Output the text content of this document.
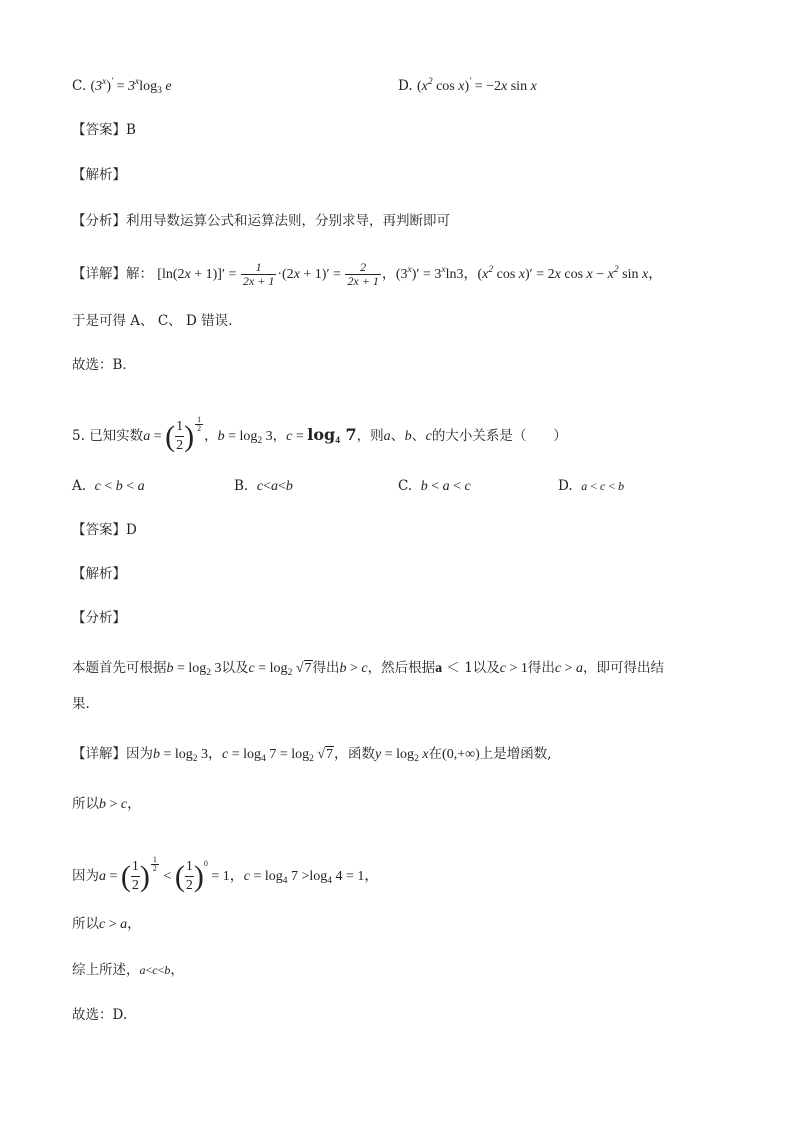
C. $(3^x)' = 3^x\log_3$ e	D. ($x^2$ cos x)′ = −2x sin x
【答案】B
【解析】
【分析】利用导数运算公式和运算法则，分别求导，再判断即可
【详解】解： $[\ln(2x + 1)]' = \frac{1}{2x + 1} \cdot(2x + 1)' = \frac{2}{2x + 1}$ ，$(3^x)' = 3^x\ln 3$，($x^2$ cos x)′ = 2x $\cos x - x^2$ sin x，
于是可得 A、 C、 D 错误.
故选：B．
5. 已知实数a = ( $\frac{1}{2}$ ) $\frac{1}{2}$
，$b = \log_2 3$，$c = \log_4 7$，则a、b、c的大小关系是（　　）
A. c < b < a	B. c<a<b	C. b < a < c	D. a < c < b
【答案】D
【解析】
【分析】
本题首先可根据$b = \log_2 3$以及$c = \log_2 √7$得出b > c，然后根据a ＜ 1以及c > 1得出c > a，即可得出结
果.
【详解】因为$b = \log_2 3$，$c = \log_4 7 = \log_2 √7$，函数$y = \log_2 x$在(0,+∞)上是增函数,
所以b > c，
因为a = ( $\frac{1}{2}$ ) $\frac{1}{2}$
< ( $\frac{1}{2} )0 = 1$，$c = \log_4 7 >\log_4$ 4 = 1，
所以c > a，
综上所述，a<c<b，
故选：D.
